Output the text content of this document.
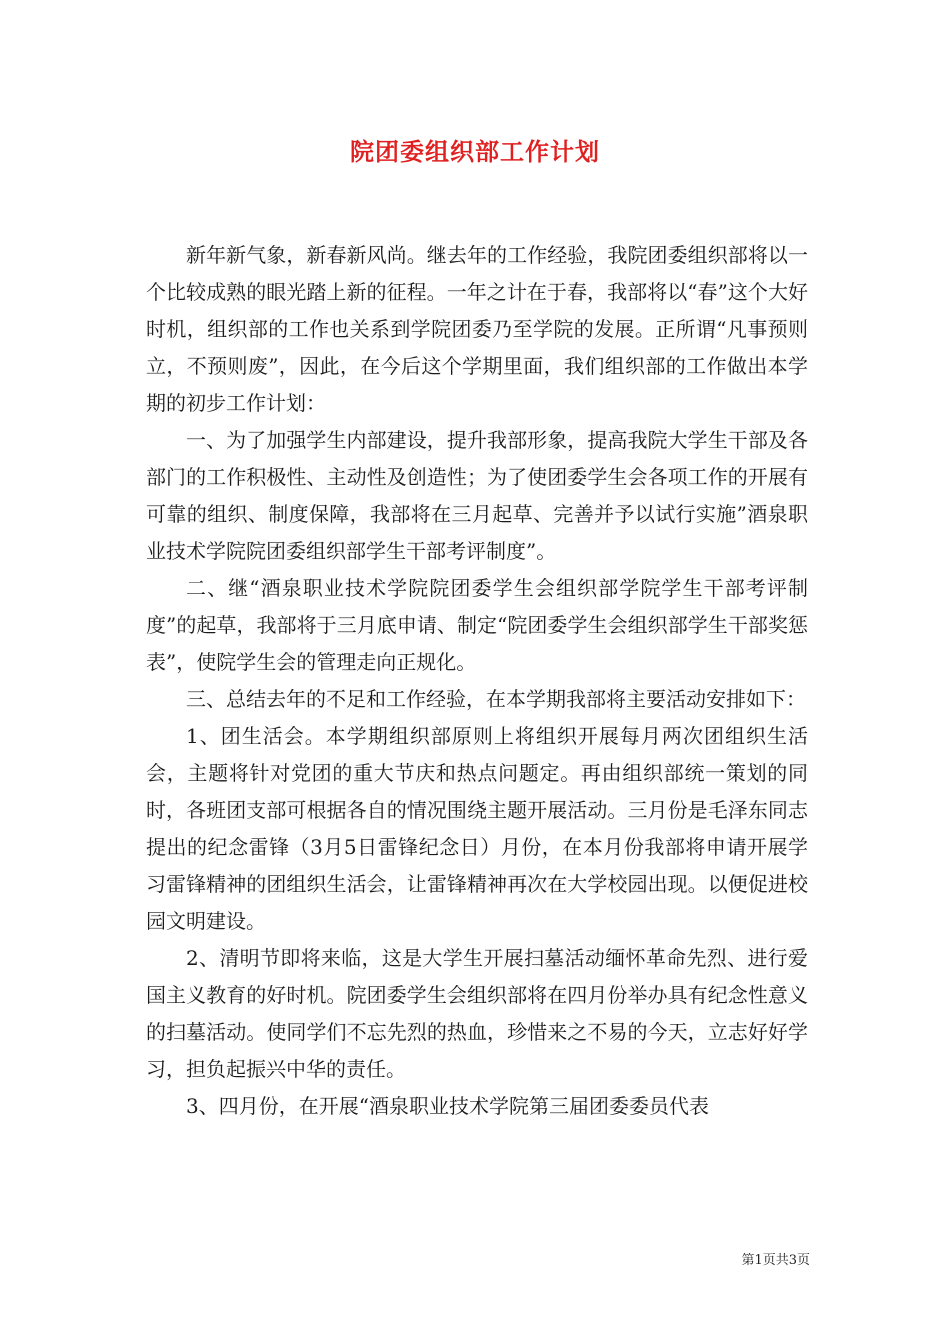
院团委组织部工作计划

新年新气象，新春新风尚。继去年的工作经验，我院团委组织部将以一个比较成熟的眼光踏上新的征程。一年之计在于春，我部将以“春”这个大好时机，组织部的工作也关系到学院团委乃至学院的发展。正所谓“凡事预则立，不预则废”，因此，在今后这个学期里面，我们组织部的工作做出本学期的初步工作计划：

一、为了加强学生内部建设，提升我部形象，提高我院大学生干部及各部门的工作积极性、主动性及创造性；为了使团委学生会各项工作的开展有可靠的组织、制度保障，我部将在三月起草、完善并予以试行实施”酒泉职业技术学院院团委组织部学生干部考评制度”。

二、继“酒泉职业技术学院院团委学生会组织部学院学生干部考评制度”的起草，我部将于三月底申请、制定“院团委学生会组织部学生干部奖惩表”，使院学生会的管理走向正规化。

三、总结去年的不足和工作经验，在本学期我部将主要活动安排如下：

1、团生活会。本学期组织部原则上将组织开展每月两次团组织生活会，主题将针对党团的重大节庆和热点问题定。再由组织部统一策划的同时，各班团支部可根据各自的情况围绕主题开展活动。三月份是毛泽东同志提出的纪念雷锋（3月5日雷锋纪念日）月份，在本月份我部将申请开展学习雷锋精神的团组织生活会，让雷锋精神再次在大学校园出现。以便促进校园文明建设。

2、清明节即将来临，这是大学生开展扫墓活动缅怀革命先烈、进行爱国主义教育的好时机。院团委学生会组织部将在四月份举办具有纪念性意义的扫墓活动。使同学们不忘先烈的热血，珍惜来之不易的今天，立志好好学习，担负起振兴中华的责任。

3、四月份，在开展“酒泉职业技术学院第三届团委委员代表

第1页共3页
